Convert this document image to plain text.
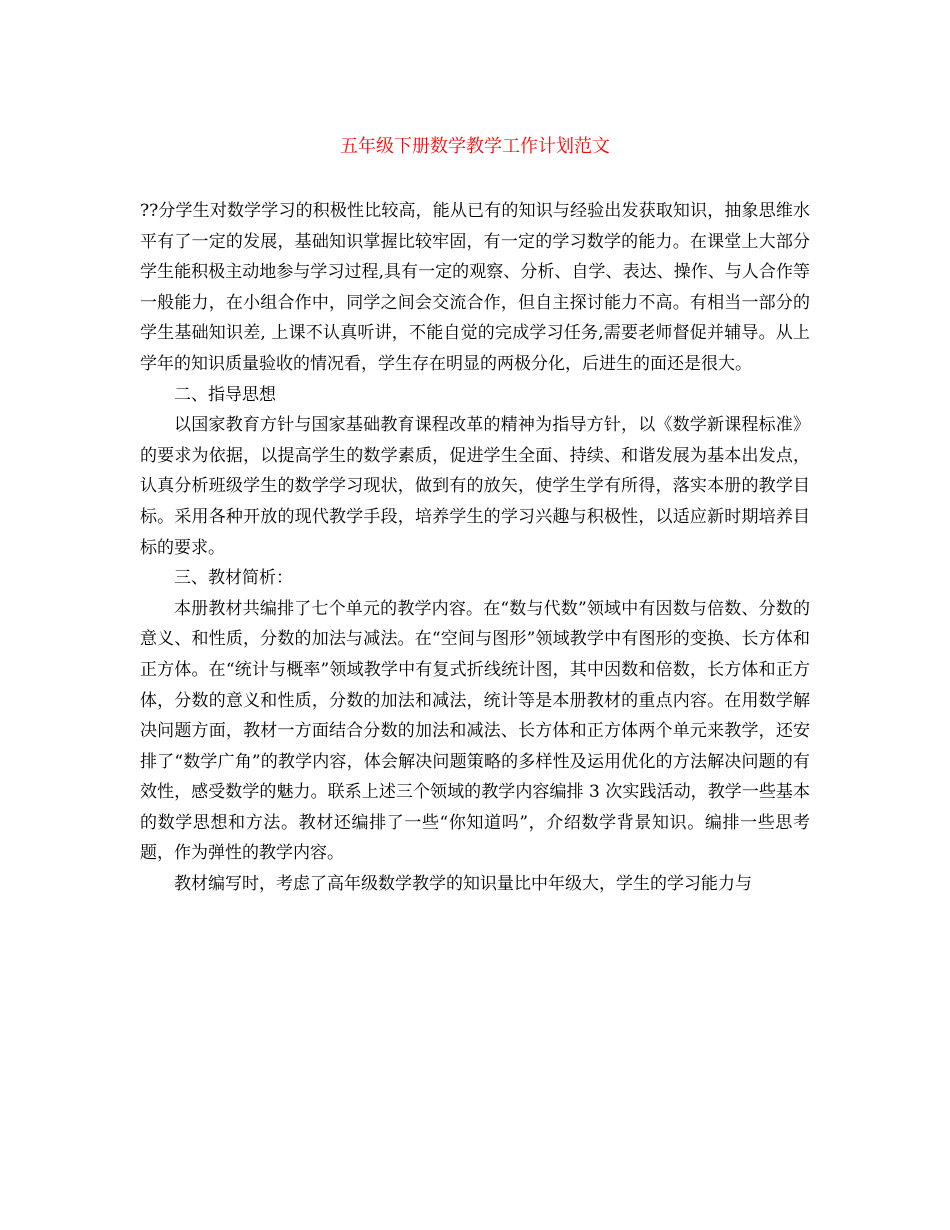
五年级下册数学教学工作计划范文

??分学生对数学学习的积极性比较高，能从已有的知识与经验出发获取知识，抽象思维水平有了一定的发展，基础知识掌握比较牢固，有一定的学习数学的能力。在课堂上大部分学生能积极主动地参与学习过程,具有一定的观察、分析、自学、表达、操作、与人合作等一般能力，在小组合作中，同学之间会交流合作，但自主探讨能力不高。有相当一部分的学生基础知识差, 上课不认真听讲，不能自觉的完成学习任务,需要老师督促并辅导。从上学年的知识质量验收的情况看，学生存在明显的两极分化，后进生的面还是很大。

二、指导思想

以国家教育方针与国家基础教育课程改革的精神为指导方针，以《数学新课程标准》的要求为依据，以提高学生的数学素质，促进学生全面、持续、和谐发展为基本出发点，认真分析班级学生的数学学习现状，做到有的放矢，使学生学有所得，落实本册的教学目标。采用各种开放的现代教学手段，培养学生的学习兴趣与积极性，以适应新时期培养目标的要求。

三、教材简析：

本册教材共编排了七个单元的教学内容。在“数与代数”领域中有因数与倍数、分数的意义、和性质，分数的加法与减法。在“空间与图形”领域教学中有图形的变换、长方体和正方体。在“统计与概率”领域教学中有复式折线统计图，其中因数和倍数，长方体和正方体，分数的意义和性质，分数的加法和减法，统计等是本册教材的重点内容。在用数学解决问题方面，教材一方面结合分数的加法和减法、长方体和正方体两个单元来教学，还安排了“数学广角”的教学内容，体会解决问题策略的多样性及运用优化的方法解决问题的有效性，感受数学的魅力。联系上述三个领域的教学内容编排 3 次实践活动，教学一些基本的数学思想和方法。教材还编排了一些“你知道吗”，介绍数学背景知识。编排一些思考题，作为弹性的教学内容。

教材编写时，考虑了高年级数学教学的知识量比中年级大，学生的学习能力与
